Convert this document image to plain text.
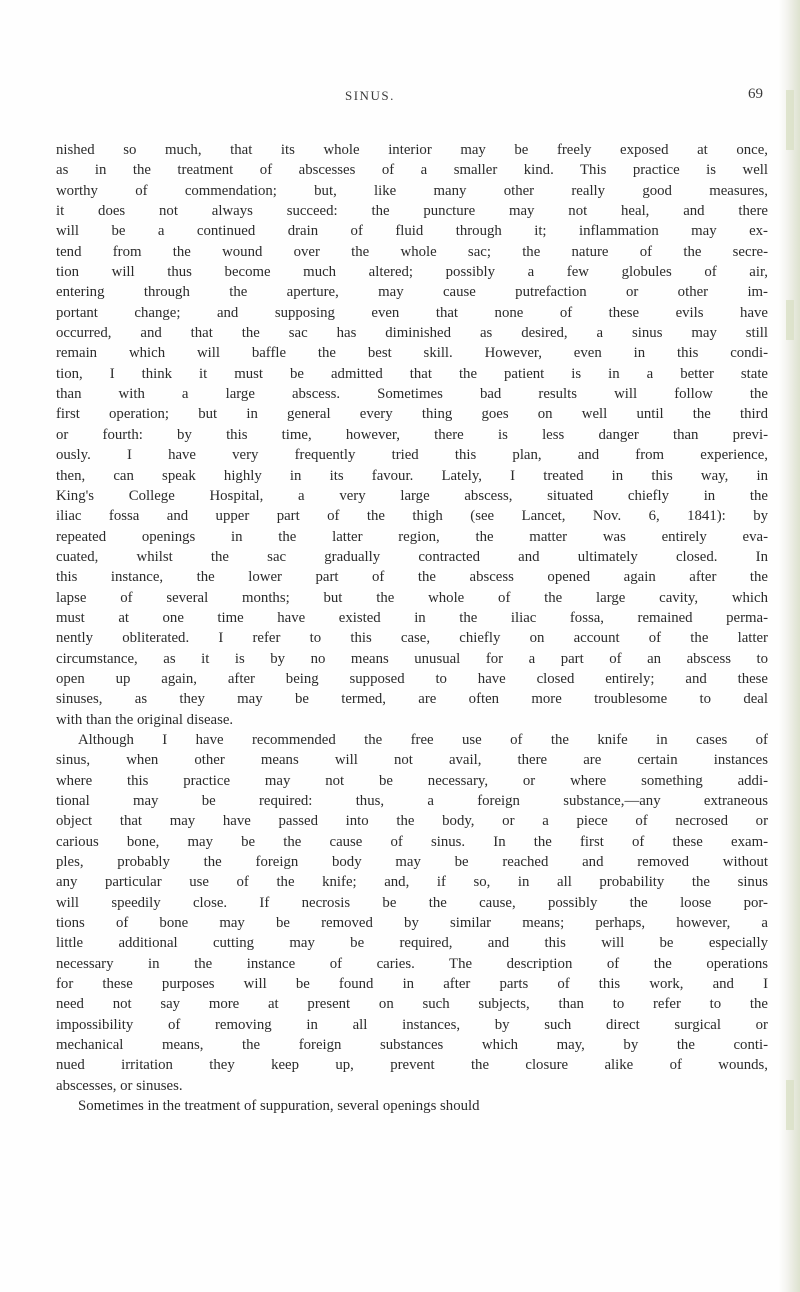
SINUS.	69
nished so much, that its whole interior may be freely exposed at once,
as in the treatment of abscesses of a smaller kind. This practice is well
worthy of commendation; but, like many other really good measures,
it does not always succeed: the puncture may not heal, and there
will be a continued drain of fluid through it; inflammation may ex-
tend from the wound over the whole sac; the nature of the secre-
tion will thus become much altered; possibly a few globules of air,
entering through the aperture, may cause putrefaction or other im-
portant change; and supposing even that none of these evils have
occurred, and that the sac has diminished as desired, a sinus may still
remain which will baffle the best skill. However, even in this condi-
tion, I think it must be admitted that the patient is in a better state
than with a large abscess. Sometimes bad results will follow the
first operation; but in general every thing goes on well until the third
or fourth: by this time, however, there is less danger than previ-
ously. I have very frequently tried this plan, and from experience,
then, can speak highly in its favour. Lately, I treated in this way, in
King's College Hospital, a very large abscess, situated chiefly in the
iliac fossa and upper part of the thigh (see Lancet, Nov. 6, 1841): by
repeated openings in the latter region, the matter was entirely eva-
cuated, whilst the sac gradually contracted and ultimately closed. In
this instance, the lower part of the abscess opened again after the
lapse of several months; but the whole of the large cavity, which
must at one time have existed in the iliac fossa, remained perma-
nently obliterated. I refer to this case, chiefly on account of the latter
circumstance, as it is by no means unusual for a part of an abscess to
open up again, after being supposed to have closed entirely; and these
sinuses, as they may be termed, are often more troublesome to deal
with than the original disease.
Although I have recommended the free use of the knife in cases of
sinus, when other means will not avail, there are certain instances
where this practice may not be necessary, or where something addi-
tional may be required: thus, a foreign substance,—any extraneous
object that may have passed into the body, or a piece of necrosed or
carious bone, may be the cause of sinus. In the first of these exam-
ples, probably the foreign body may be reached and removed without
any particular use of the knife; and, if so, in all probability the sinus
will speedily close. If necrosis be the cause, possibly the loose por-
tions of bone may be removed by similar means; perhaps, however, a
little additional cutting may be required, and this will be especially
necessary in the instance of caries. The description of the operations
for these purposes will be found in after parts of this work, and I
need not say more at present on such subjects, than to refer to the
impossibility of removing in all instances, by such direct surgical or
mechanical means, the foreign substances which may, by the conti-
nued irritation they keep up, prevent the closure alike of wounds,
abscesses, or sinuses.
Sometimes in the treatment of suppuration, several openings should
